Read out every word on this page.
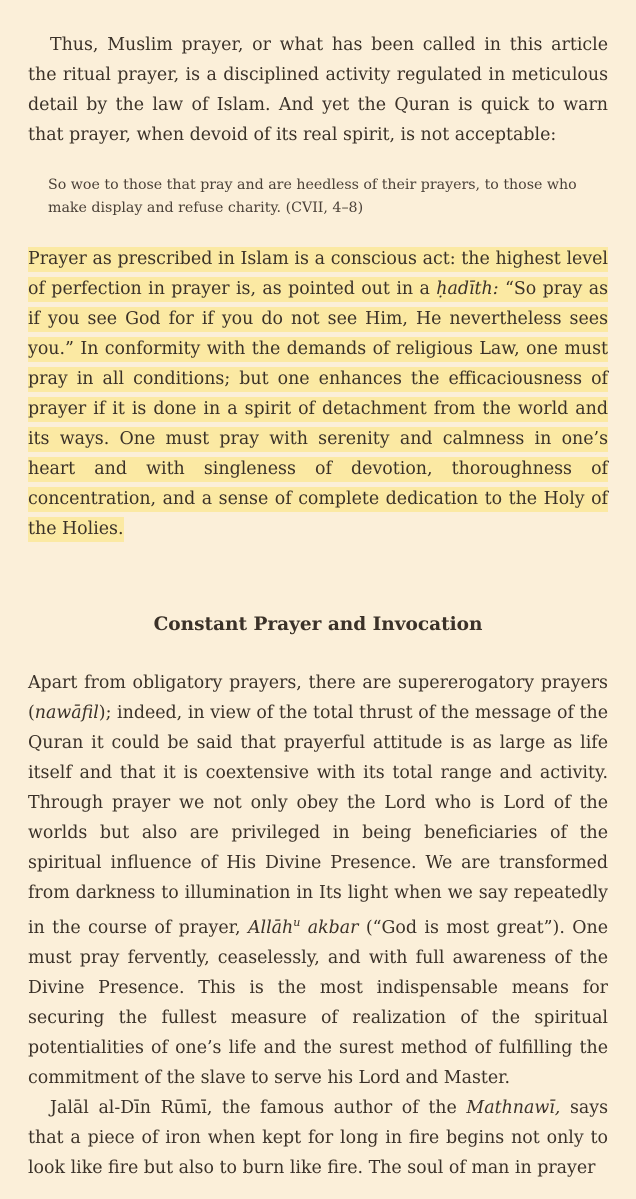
Thus, Muslim prayer, or what has been called in this article the ritual prayer, is a disciplined activity regulated in meticulous detail by the law of Islam. And yet the Quran is quick to warn that prayer, when devoid of its real spirit, is not acceptable:

So woe to those that pray and are heedless of their prayers, to those who make display and refuse charity. (CVII, 4–8)

Prayer as prescribed in Islam is a conscious act: the highest level of perfection in prayer is, as pointed out in a ḥadīth: “So pray as if you see God for if you do not see Him, He nevertheless sees you.” In conformity with the demands of religious Law, one must pray in all conditions; but one enhances the efficaciousness of prayer if it is done in a spirit of detachment from the world and its ways. One must pray with serenity and calmness in one’s heart and with singleness of devotion, thoroughness of concentration, and a sense of complete dedication to the Holy of the Holies.

Constant Prayer and Invocation

Apart from obligatory prayers, there are supererogatory prayers (nawāfil); indeed, in view of the total thrust of the message of the Quran it could be said that prayerful attitude is as large as life itself and that it is coextensive with its total range and activity. Through prayer we not only obey the Lord who is Lord of the worlds but also are privileged in being beneficiaries of the spiritual influence of His Divine Presence. We are transformed from darkness to illumination in Its light when we say repeatedly in the course of prayer, Allāh$^u$ akbar (“God is most great”). One must pray fervently, ceaselessly, and with full awareness of the Divine Presence. This is the most indispensable means for securing the fullest measure of realization of the spiritual potentialities of one’s life and the surest method of fulfilling the commitment of the slave to serve his Lord and Master.

Jalāl al-Dīn Rūmī, the famous author of the Mathnawī, says that a piece of iron when kept for long in fire begins not only to look like fire but also to burn like fire. The soul of man in prayer
